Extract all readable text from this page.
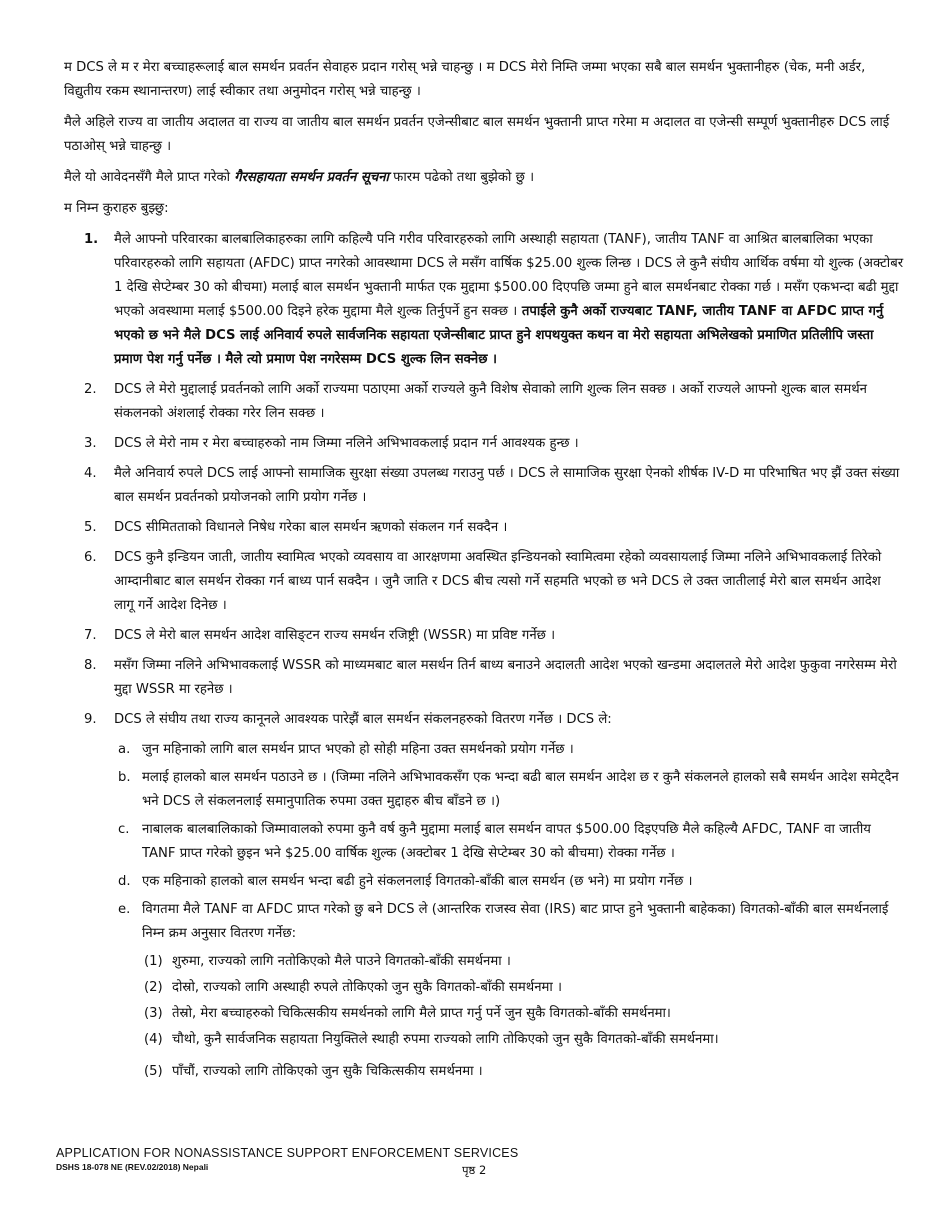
म DCS ले म र मेरा बच्चाहरूलाई बाल समर्थन प्रवर्तन सेवाहरु प्रदान गरोस् भन्ने चाहन्छु । म DCS मेरो निम्ति जम्मा भएका सबै बाल समर्थन भुक्तानीहरु (चेक, मनी अर्डर, विद्युतीय रकम स्थानान्तरण) लाई स्वीकार तथा अनुमोदन गरोस् भन्ने चाहन्छु ।

मैले अहिले राज्य वा जातीय अदालत वा राज्य वा जातीय बाल समर्थन प्रवर्तन एजेन्सीबाट बाल समर्थन भुक्तानी प्राप्त गरेमा म अदालत वा एजेन्सी सम्पूर्ण भुक्तानीहरु DCS लाई पठाओस् भन्ने चाहन्छु ।

मैले यो आवेदनसँगै मैले प्राप्त गरेको गैरसहायता समर्थन प्रवर्तन सूचना फारम पढेको तथा बुझेको छु ।

म निम्न कुराहरु बुझ्छु:

1. मैले आफ्नो परिवारका बालबालिकाहरुका लागि कहिल्यै पनि गरीव परिवारहरुको लागि अस्थाही सहायता (TANF), जातीय TANF वा आश्रित बालबालिका भएका परिवारहरुको लागि सहायता (AFDC) प्राप्त नगरेको आवस्थामा DCS ले मसँग वार्षिक $25.00 शुल्क लिन्छ । DCS ले कुनै संघीय आर्थिक वर्षमा यो शुल्क (अक्टोबर 1 देखि सेप्टेम्बर 30 को बीचमा) मलाई बाल समर्थन भुक्तानी मार्फत एक मुद्दामा $500.00 दिएपछि जम्मा हुने बाल समर्थनबाट रोक्का गर्छ । मसँग एकभन्दा बढी मुद्दा भएको अवस्थामा मलाई $500.00 दिइने हरेक मुद्दामा मैले शुल्क तिर्नुपर्ने हुन सक्छ । तपाईले कुनै अर्को राज्यबाट TANF, जातीय TANF वा AFDC प्राप्त गर्नु भएको छ भने मैले DCS लाई अनिवार्य रुपले सार्वजनिक सहायता एजेन्सीबाट प्राप्त हुने शपथयुक्त कथन वा मेरो सहायता अभिलेखको प्रमाणित प्रतिलीपि जस्ता प्रमाण पेश गर्नु पर्नेछ । मैले त्यो प्रमाण पेश नगरेसम्म DCS शुल्क लिन सक्नेछ ।
2. DCS ले मेरो मुद्दालाई प्रवर्तनको लागि अर्को राज्यमा पठाएमा अर्को राज्यले कुनै विशेष सेवाको लागि शुल्क लिन सक्छ । अर्को राज्यले आफ्नो शुल्क बाल समर्थन संकलनको अंशलाई रोक्का गरेर लिन सक्छ ।
3. DCS ले मेरो नाम र मेरा बच्चाहरुको नाम जिम्मा नलिने अभिभावकलाई प्रदान गर्न आवश्यक हुन्छ ।
4. मैले अनिवार्य रुपले DCS लाई आफ्नो सामाजिक सुरक्षा संख्या उपलब्ध गराउनु पर्छ । DCS ले सामाजिक सुरक्षा ऐनको शीर्षक IV-D मा परिभाषित भए झैं उक्त संख्या बाल समर्थन प्रवर्तनको प्रयोजनको लागि प्रयोग गर्नेछ ।
5. DCS सीमितताको विधानले निषेध गरेका बाल समर्थन ऋणको संकलन गर्न सक्दैन ।
6. DCS कुनै इन्डियन जाती, जातीय स्वामित्व भएको व्यवसाय वा आरक्षणमा अवस्थित इन्डियनको स्वामित्वमा रहेको व्यवसायलाई जिम्मा नलिने अभिभावकलाई तिरेको आम्दानीबाट बाल समर्थन रोक्का गर्न बाध्य पार्न सक्दैन । जुनै जाति र DCS बीच त्यसो गर्ने सहमति भएको छ भने DCS ले उक्त जातीलाई मेरो बाल समर्थन आदेश लागू गर्ने आदेश दिनेछ ।
7. DCS ले मेरो बाल समर्थन आदेश वासिङ्टन राज्य समर्थन रजिष्ट्री (WSSR) मा प्रविष्ट गर्नेछ ।
8. मसँग जिम्मा नलिने अभिभावकलाई WSSR को माध्यमबाट बाल मसर्थन तिर्न बाध्य बनाउने अदालती आदेश भएको खन्डमा अदालतले मेरो आदेश फुकुवा नगरेसम्म मेरो मुद्दा WSSR मा रहनेछ ।
9. DCS ले संघीय तथा राज्य कानूनले आवश्यक पारेझैं बाल समर्थन संकलनहरुको वितरण गर्नेछ । DCS ले:
a. जुन महिनाको लागि बाल समर्थन प्राप्त भएको हो सोही महिना उक्त समर्थनको प्रयोग गर्नेछ ।
b. मलाई हालको बाल समर्थन पठाउने छ । (जिम्मा नलिने अभिभावकसँग एक भन्दा बढी बाल समर्थन आदेश छ र कुनै संकलनले हालको सबै समर्थन आदेश समेट्दैन भने DCS ले संकलनलाई समानुपातिक रुपमा उक्त मुद्दाहरु बीच बाँडने छ ।)
c. नाबालक बालबालिकाको जिम्मावालको रुपमा कुनै वर्ष कुनै मुद्दामा मलाई बाल समर्थन वापत $500.00 दिइएपछि मैले कहिल्यै AFDC, TANF वा जातीय TANF प्राप्त गरेको छुइन भने $25.00 वार्षिक शुल्क (अक्टोबर 1 देखि सेप्टेम्बर 30 को बीचमा) रोक्का गर्नेछ ।
d. एक महिनाको हालको बाल समर्थन भन्दा बढी हुने संकलनलाई विगतको-बाँकी बाल समर्थन (छ भने) मा प्रयोग गर्नेछ ।
e. विगतमा मैले TANF वा AFDC प्राप्त गरेको छु बने DCS ले (आन्तरिक राजस्व सेवा (IRS) बाट प्राप्त हुने भुक्तानी बाहेकका) विगतको-बाँकी बाल समर्थनलाई निम्न क्रम अनुसार वितरण गर्नेछ:
(1) शुरुमा, राज्यको लागि नतोकिएको मैले पाउने विगतको-बाँकी समर्थनमा ।
(2) दोस्रो, राज्यको लागि अस्थाही रुपले तोकिएको जुन सुकै विगतको-बाँकी समर्थनमा ।
(3) तेस्रो, मेरा बच्चाहरुको चिकित्सकीय समर्थनको लागि मैले प्राप्त गर्नु पर्ने जुन सुकै विगतको-बाँकी समर्थनमा।
(4) चौथो, कुनै सार्वजनिक सहायता नियुक्तिले स्थाही रुपमा राज्यको लागि तोकिएको जुन सुकै विगतको-बाँकी समर्थनमा।
(5) पाँचौं, राज्यको लागि तोकिएको जुन सुकै चिकित्सकीय समर्थनमा ।
APPLICATION FOR NONASSISTANCE SUPPORT ENFORCEMENT SERVICES
DSHS 18-078 NE (REV.02/2018) Nepali	पृष्ठ 2
